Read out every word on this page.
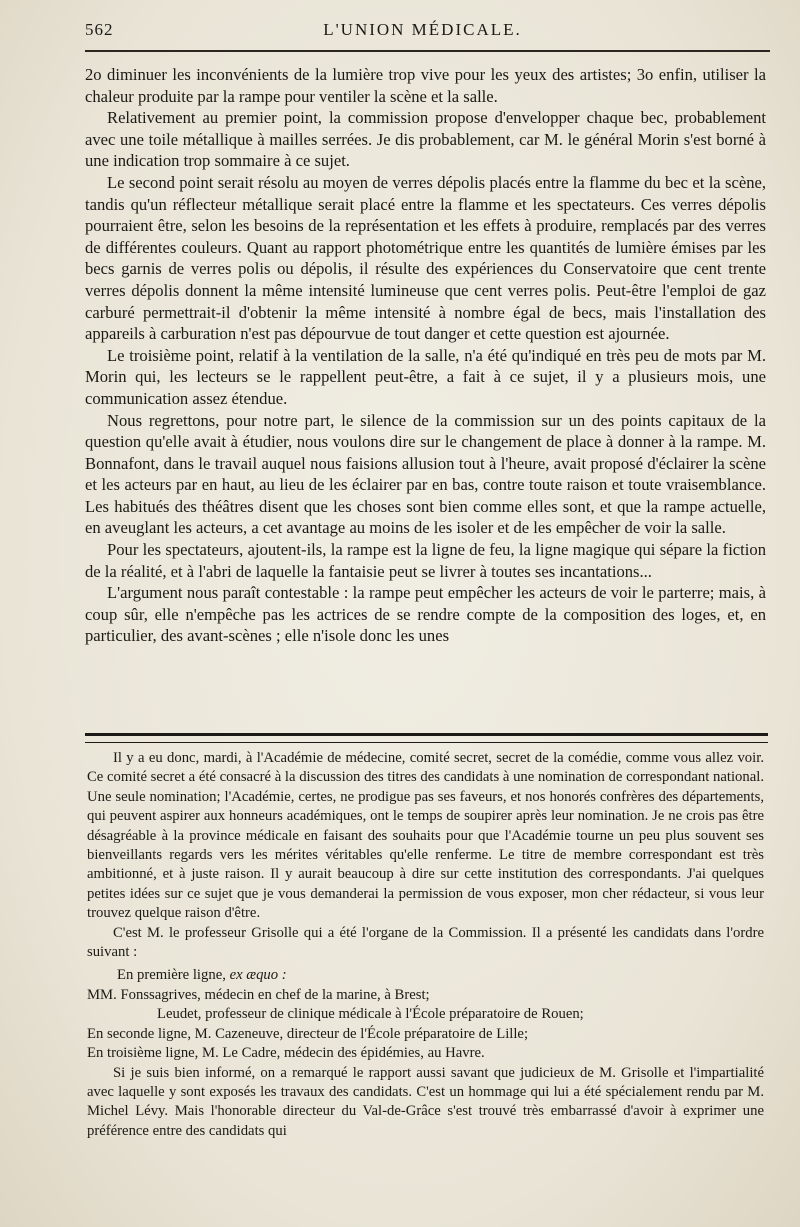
562	L'UNION MÉDICALE.

2o diminuer les inconvénients de la lumière trop vive pour les yeux des artistes; 3o enfin, utiliser la chaleur produite par la rampe pour ventiler la scène et la salle.

Relativement au premier point, la commission propose d'envelopper chaque bec, probablement avec une toile métallique à mailles serrées. Je dis probablement, car M. le général Morin s'est borné à une indication trop sommaire à ce sujet.

Le second point serait résolu au moyen de verres dépolis placés entre la flamme du bec et la scène, tandis qu'un réflecteur métallique serait placé entre la flamme et les spectateurs. Ces verres dépolis pourraient être, selon les besoins de la représentation et les effets à produire, remplacés par des verres de différentes couleurs. Quant au rapport photométrique entre les quantités de lumière émises par les becs garnis de verres polis ou dépolis, il résulte des expériences du Conservatoire que cent trente verres dépolis donnent la même intensité lumineuse que cent verres polis. Peut-être l'emploi de gaz carburé permettrait-il d'obtenir la même intensité à nombre égal de becs, mais l'installation des appareils à carburation n'est pas dépourvue de tout danger et cette question est ajournée.

Le troisième point, relatif à la ventilation de la salle, n'a été qu'indiqué en très peu de mots par M. Morin qui, les lecteurs se le rappellent peut-être, a fait à ce sujet, il y a plusieurs mois, une communication assez étendue.

Nous regrettons, pour notre part, le silence de la commission sur un des points capitaux de la question qu'elle avait à étudier, nous voulons dire sur le changement de place à donner à la rampe. M. Bonnafont, dans le travail auquel nous faisions allusion tout à l'heure, avait proposé d'éclairer la scène et les acteurs par en haut, au lieu de les éclairer par en bas, contre toute raison et toute vraisemblance. Les habitués des théâtres disent que les choses sont bien comme elles sont, et que la rampe actuelle, en aveuglant les acteurs, a cet avantage au moins de les isoler et de les empêcher de voir la salle.

Pour les spectateurs, ajoutent-ils, la rampe est la ligne de feu, la ligne magique qui sépare la fiction de la réalité, et à l'abri de laquelle la fantaisie peut se livrer à toutes ses incantations...

L'argument nous paraît contestable : la rampe peut empêcher les acteurs de voir le parterre; mais, à coup sûr, elle n'empêche pas les actrices de se rendre compte de la composition des loges, et, en particulier, des avant-scènes ; elle n'isole donc les unes

Il y a eu donc, mardi, à l'Académie de médecine, comité secret, secret de la comédie, comme vous allez voir. Ce comité secret a été consacré à la discussion des titres des candidats à une nomination de correspondant national. Une seule nomination; l'Académie, certes, ne prodigue pas ses faveurs, et nos honorés confrères des départements, qui peuvent aspirer aux honneurs académiques, ont le temps de soupirer après leur nomination. Je ne crois pas être désagréable à la province médicale en faisant des souhaits pour que l'Académie tourne un peu plus souvent ses bienveillants regards vers les mérites véritables qu'elle renferme. Le titre de membre correspondant est très ambitionné, et à juste raison. Il y aurait beaucoup à dire sur cette institution des correspondants. J'ai quelques petites idées sur ce sujet que je vous demanderai la permission de vous exposer, mon cher rédacteur, si vous leur trouvez quelque raison d'être.

C'est M. le professeur Grisolle qui a été l'organe de la Commission. Il a présenté les candidats dans l'ordre suivant :

En première ligne, ex æquo :

MM. Fonssagrives, médecin en chef de la marine, à Brest;

Leudet, professeur de clinique médicale à l'École préparatoire de Rouen;

En seconde ligne, M. Cazeneuve, directeur de l'École préparatoire de Lille;

En troisième ligne, M. Le Cadre, médecin des épidémies, au Havre.

Si je suis bien informé, on a remarqué le rapport aussi savant que judicieux de M. Grisolle et l'impartialité avec laquelle y sont exposés les travaux des candidats. C'est un hommage qui lui a été spécialement rendu par M. Michel Lévy. Mais l'honorable directeur du Val-de-Grâce s'est trouvé très embarrassé d'avoir à exprimer une préférence entre des candidats qui
